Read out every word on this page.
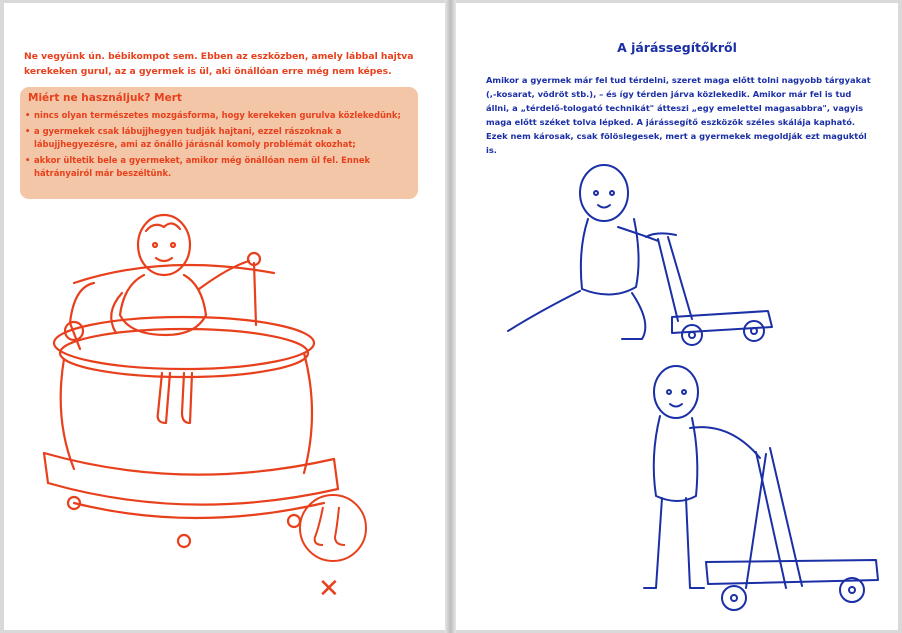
Ne vegyünk ún. bébikompot sem. Ebben az eszközben, amely lábbal hajtva kerekeken gurul, az a gyermek is ül, aki önállóan erre még nem képes.
Miért ne használjuk? Mert
• nincs olyan természetes mozgásforma, hogy kerekeken gurulva közlekedünk;
• a gyermekek csak lábujjhegyen tudják hajtani, ezzel rászoknak a lábujjhegyezésre, ami az önálló járásnál komoly problémát okozhat;
• akkor ültetik bele a gyermeket, amikor még önállóan nem ül fel. Ennek hátrányairól már beszéltünk.
✕
A járássegítőkről
Amikor a gyermek már fel tud térdelni, szeret maga előtt tolni nagyobb tárgyakat (,-kosarat, vödröt stb.), – és így térden járva közlekedik. Amikor már fel is tud állni, a „térdelő-tologató technikát" átteszi „egy emelettel magasabbra", vagyis maga előtt széket tolva lépked. A járássegítő eszközök széles skálája kapható. Ezek nem károsak, csak fölöslegesek, mert a gyermekek megoldják ezt maguktól is.
